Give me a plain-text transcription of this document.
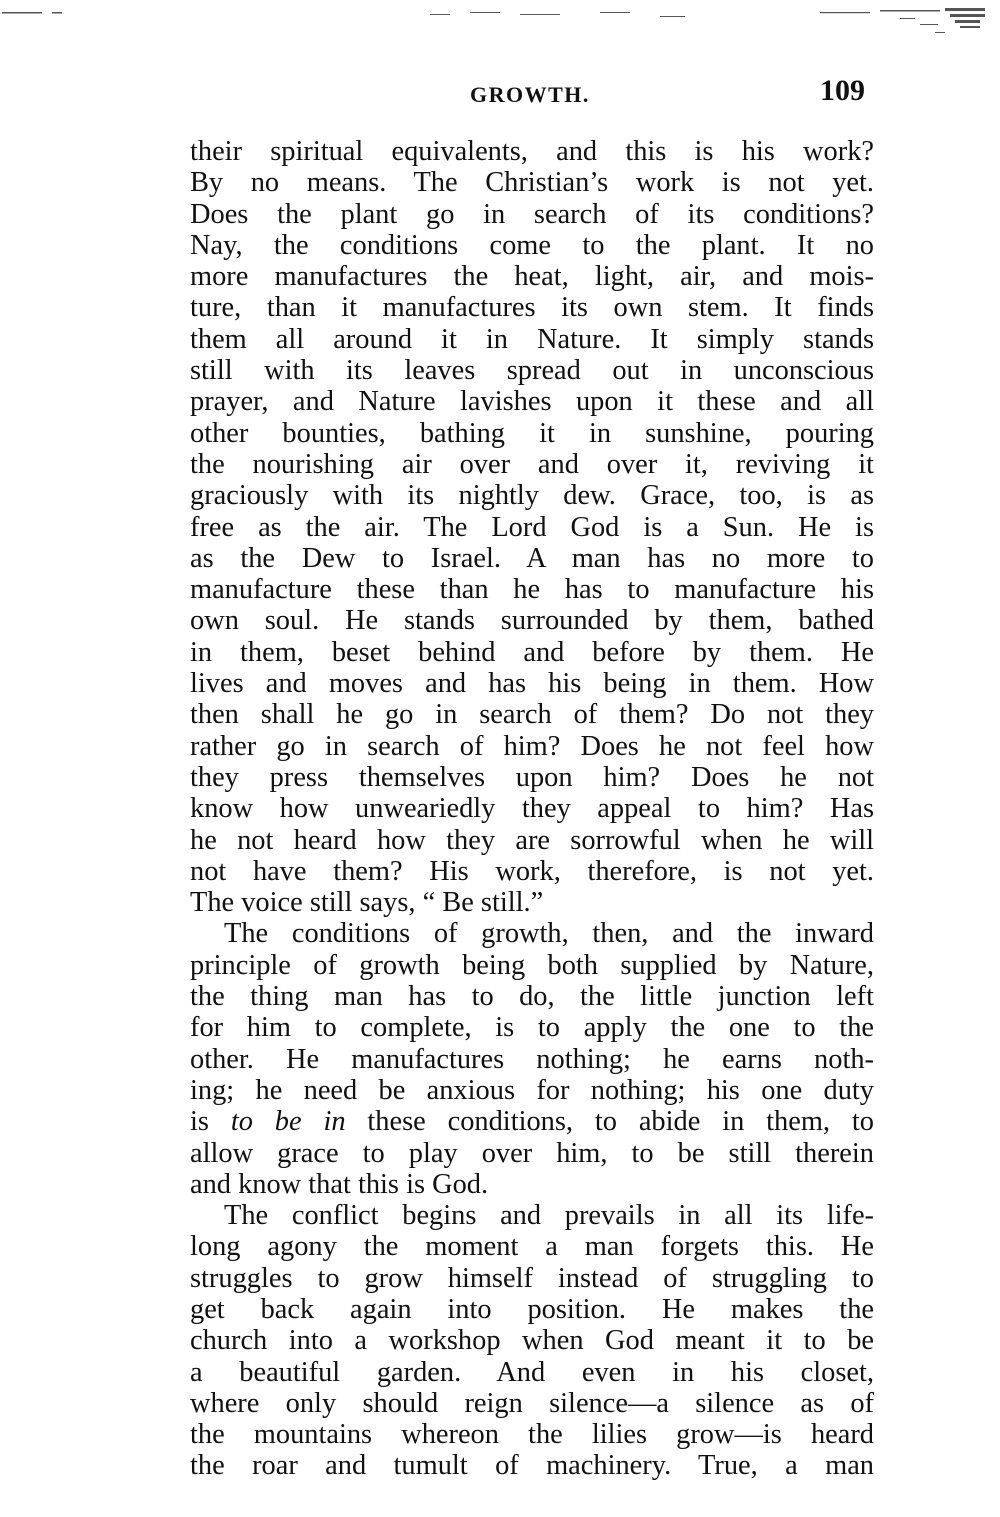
GROWTH.	109
their spiritual equivalents, and this is his work?
By no means. The Christian’s work is not yet.
Does the plant go in search of its conditions?
Nay, the conditions come to the plant. It no
more manufactures the heat, light, air, and mois-
ture, than it manufactures its own stem. It finds
them all around it in Nature. It simply stands
still with its leaves spread out in unconscious
prayer, and Nature lavishes upon it these and all
other bounties, bathing it in sunshine, pouring
the nourishing air over and over it, reviving it
graciously with its nightly dew. Grace, too, is as
free as the air. The Lord God is a Sun. He is
as the Dew to Israel. A man has no more to
manufacture these than he has to manufacture his
own soul. He stands surrounded by them, bathed
in them, beset behind and before by them. He
lives and moves and has his being in them. How
then shall he go in search of them? Do not they
rather go in search of him? Does he not feel how
they press themselves upon him? Does he not
know how unweariedly they appeal to him? Has
he not heard how they are sorrowful when he will
not have them? His work, therefore, is not yet.
The voice still says, “ Be still.”
The conditions of growth, then, and the inward
principle of growth being both supplied by Nature,
the thing man has to do, the little junction left
for him to complete, is to apply the one to the
other. He manufactures nothing; he earns noth-
ing; he need be anxious for nothing; his one duty
is to be in these conditions, to abide in them, to
allow grace to play over him, to be still therein
and know that this is God.
The conflict begins and prevails in all its life-
long agony the moment a man forgets this. He
struggles to grow himself instead of struggling to
get back again into position. He makes the
church into a workshop when God meant it to be
a beautiful garden. And even in his closet,
where only should reign silence—a silence as of
the mountains whereon the lilies grow—is heard
the roar and tumult of machinery. True, a man
